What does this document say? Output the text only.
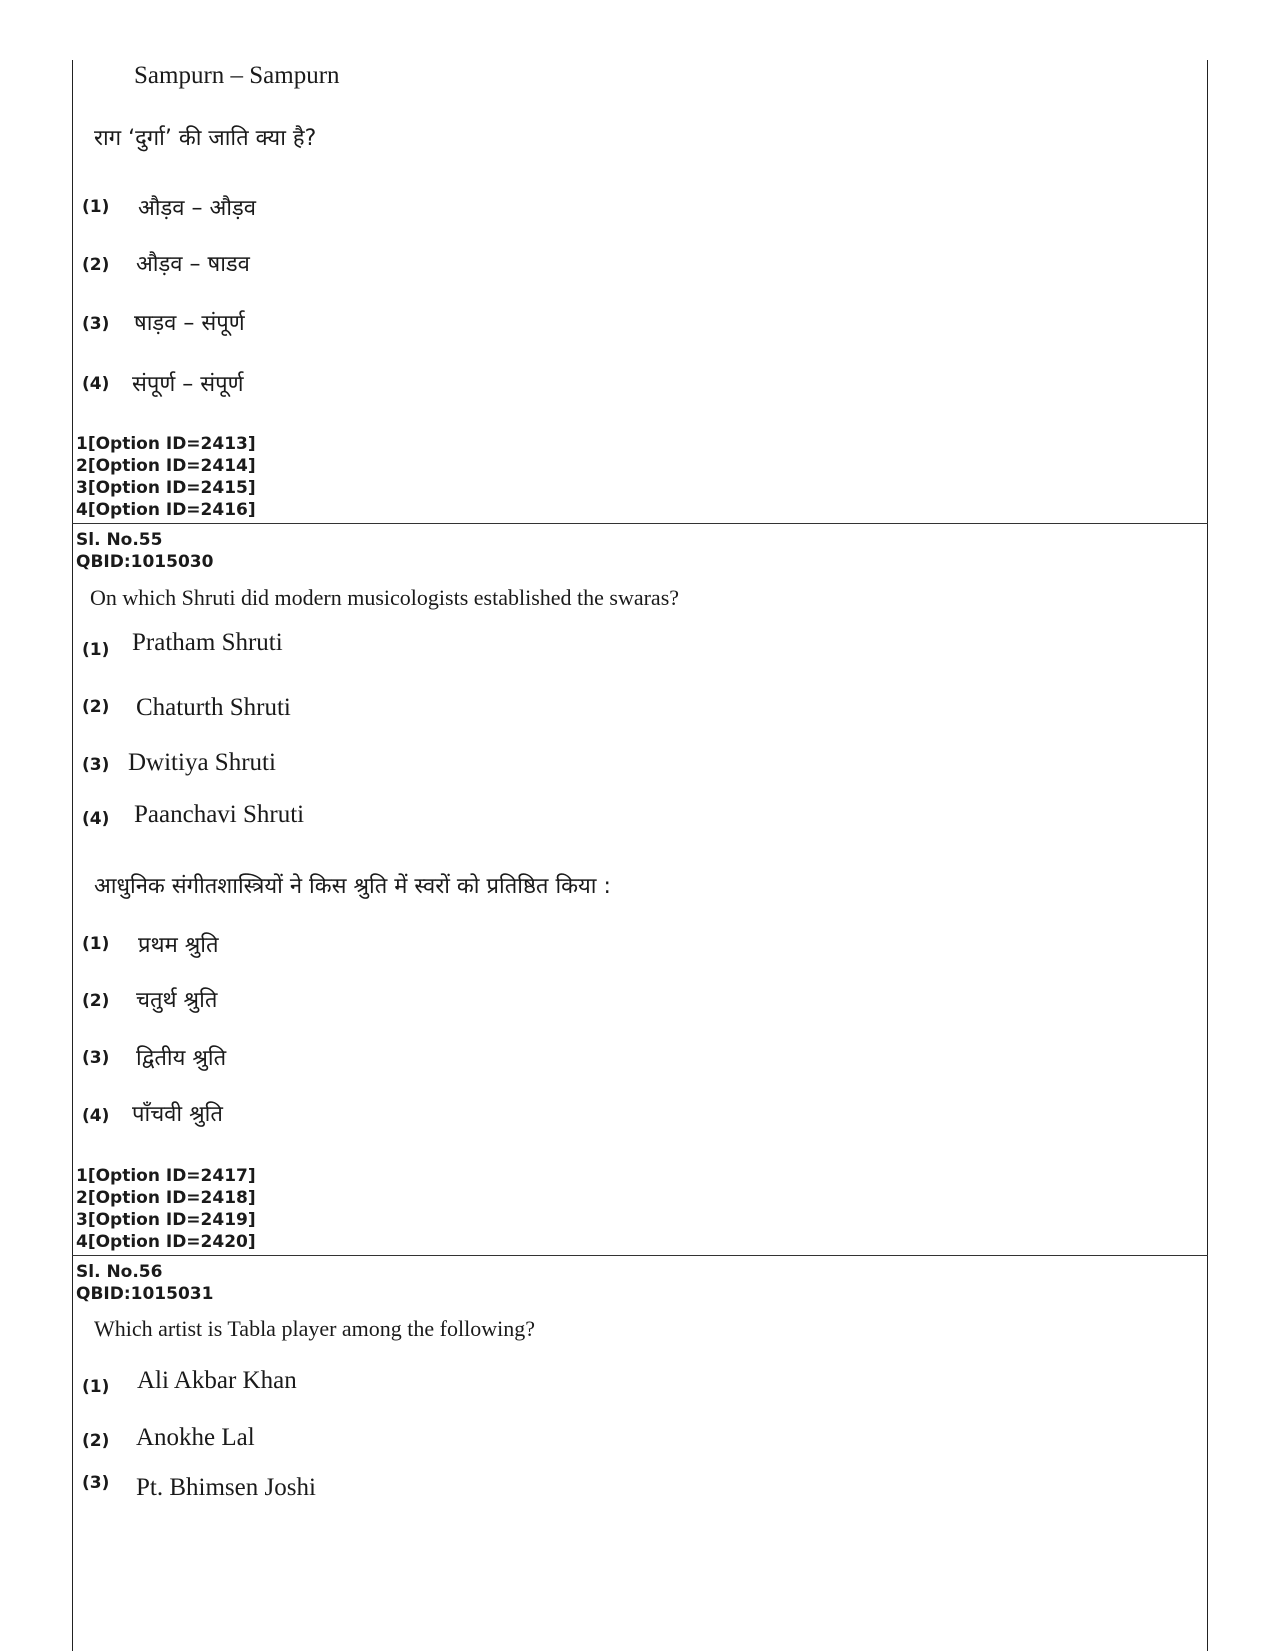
Sampurn – Sampurn
राग ‘दुर्गा’ की जाति क्या है?
(1) औड़व – औड़व
(2) औड़व – षाडव
(3) षाड़व – संपूर्ण
(4) संपूर्ण – संपूर्ण
1[Option ID=2413]
2[Option ID=2414]
3[Option ID=2415]
4[Option ID=2416]
Sl. No.55
QBID:1015030
On which Shruti did modern musicologists established the swaras?
(1) Pratham Shruti
(2) Chaturth Shruti
(3) Dwitiya Shruti
(4) Paanchavi Shruti
आधुनिक संगीतशास्त्रियों ने किस श्रुति में स्वरों को प्रतिष्ठित किया :
(1) प्रथम श्रुति
(2) चतुर्थ श्रुति
(3) द्वितीय श्रुति
(4) पाँचवी श्रुति
1[Option ID=2417]
2[Option ID=2418]
3[Option ID=2419]
4[Option ID=2420]
Sl. No.56
QBID:1015031
Which artist is Tabla player among the following?
(1) Ali Akbar Khan
(2) Anokhe Lal
(3) Pt. Bhimsen Joshi
